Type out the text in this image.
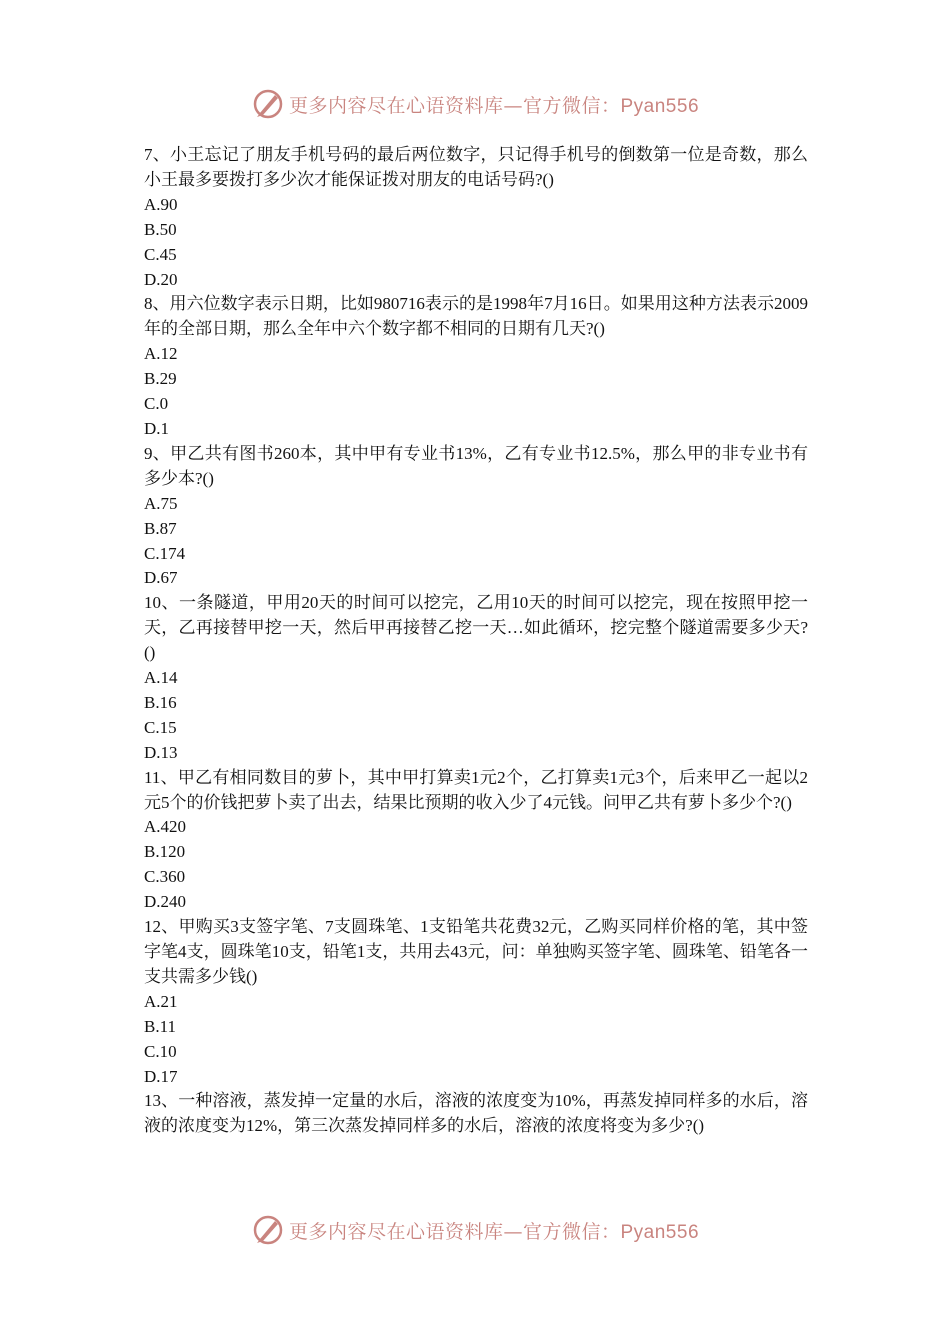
更多内容尽在心语资料库—官方微信：Pyan556
7、小王忘记了朋友手机号码的最后两位数字，只记得手机号的倒数第一位是奇数，那么小王最多要拨打多少次才能保证拨对朋友的电话号码?()
A.90
B.50
C.45
D.20
8、用六位数字表示日期，比如980716表示的是1998年7月16日。如果用这种方法表示2009年的全部日期，那么全年中六个数字都不相同的日期有几天?()
A.12
B.29
C.0
D.1
9、甲乙共有图书260本，其中甲有专业书13%，乙有专业书12.5%，那么甲的非专业书有多少本?()
A.75
B.87
C.174
D.67
10、一条隧道，甲用20天的时间可以挖完，乙用10天的时间可以挖完，现在按照甲挖一天，乙再接替甲挖一天，然后甲再接替乙挖一天…如此循环，挖完整个隧道需要多少天?()
A.14
B.16
C.15
D.13
11、甲乙有相同数目的萝卜，其中甲打算卖1元2个，乙打算卖1元3个，后来甲乙一起以2元5个的价钱把萝卜卖了出去，结果比预期的收入少了4元钱。问甲乙共有萝卜多少个?()
A.420
B.120
C.360
D.240
12、甲购买3支签字笔、7支圆珠笔、1支铅笔共花费32元，乙购买同样价格的笔，其中签字笔4支，圆珠笔10支，铅笔1支，共用去43元，问：单独购买签字笔、圆珠笔、铅笔各一支共需多少钱()
A.21
B.11
C.10
D.17
13、一种溶液，蒸发掉一定量的水后，溶液的浓度变为10%，再蒸发掉同样多的水后，溶液的浓度变为12%，第三次蒸发掉同样多的水后，溶液的浓度将变为多少?()
更多内容尽在心语资料库—官方微信：Pyan556
